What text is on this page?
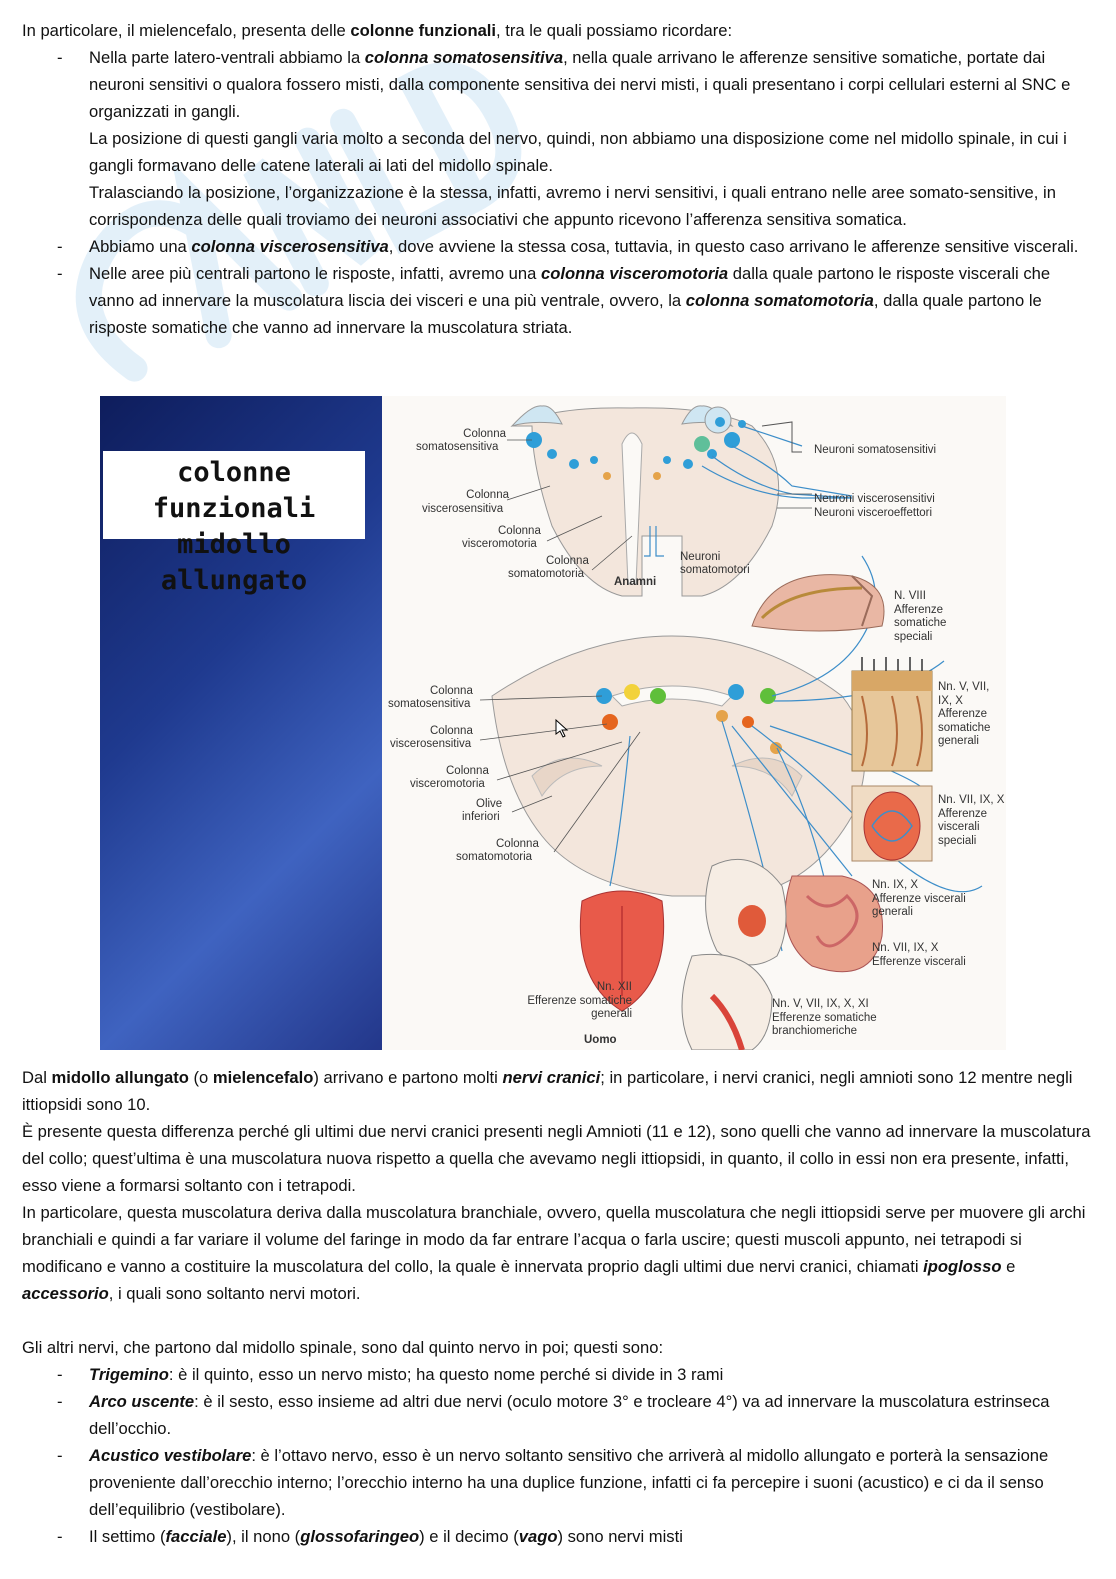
In particolare, il mielencefalo, presenta delle colonne funzionali, tra le quali possiamo ricordare:

- Nella parte latero-ventrali abbiamo la colonna somatosensitiva, nella quale arrivano le afferenze sensitive somatiche, portate dai neuroni sensitivi o qualora fossero misti, dalla componente sensitiva dei nervi misti, i quali presentano i corpi cellulari esterni al SNC e organizzati in gangli.

La posizione di questi gangli varia molto a seconda del nervo, quindi, non abbiamo una disposizione come nel midollo spinale, in cui i gangli formavano delle catene laterali ai lati del midollo spinale.

Tralasciando la posizione, l’organizzazione è la stessa, infatti, avremo i nervi sensitivi, i quali entrano nelle aree somato-sensitive, in corrispondenza delle quali troviamo dei neuroni associativi che appunto ricevono l’afferenza sensitiva somatica.

- Abbiamo una colonna viscerosensitiva, dove avviene la stessa cosa, tuttavia, in questo caso arrivano le afferenze sensitive viscerali.

- Nelle aree più centrali partono le risposte, infatti, avremo una colonna visceromotoria dalla quale partono le risposte viscerali che vanno ad innervare la muscolatura liscia dei visceri e una più ventrale, ovvero, la colonna somatomotoria, dalla quale partono le risposte somatiche che vanno ad innervare la muscolatura striata.

colonne funzionali
midollo allungato
Colonna
somatosensitiva
Colonna
viscerosensitiva
Colonna
visceromotoria
Colonna
somatomotoria
Anamni
Neuroni somatosensitivi
Neuroni viscerosensitivi
Neuroni visceroeffettori
Neuroni
somatomotori
Colonna
somatosensitiva
Colonna
viscerosensitiva
Colonna
visceromotoria
Olive
inferiori
Colonna
somatomotoria
Uomo
N. VIII
Afferenze
somatiche
speciali
Nn. V, VII,
IX, X
Afferenze
somatiche
generali
Nn. VII, IX, X
Afferenze
viscerali
speciali
Nn. IX, X
Afferenze viscerali
generali
Nn. VII, IX, X
Efferenze viscerali
Nn. XII
Efferenze somatiche
generali
Nn. V, VII, IX, X, XI
Efferenze somatiche
branchiomeriche

Dal midollo allungato (o mielencefalo) arrivano e partono molti nervi cranici; in particolare, i nervi cranici, negli amnioti sono 12 mentre negli ittiopsidi sono 10.

È presente questa differenza perché gli ultimi due nervi cranici presenti negli Amnioti (11 e 12), sono quelli che vanno ad innervare la muscolatura del collo; quest’ultima è una muscolatura nuova rispetto a quella che avevamo negli ittiopsidi, in quanto, il collo in essi non era presente, infatti, esso viene a formarsi soltanto con i tetrapodi.

In particolare, questa muscolatura deriva dalla muscolatura branchiale, ovvero, quella muscolatura che negli ittiopsidi serve per muovere gli archi branchiali e quindi a far variare il volume del faringe in modo da far entrare l’acqua o farla uscire; questi muscoli appunto, nei tetrapodi si modificano e vanno a costituire la muscolatura del collo, la quale è innervata proprio dagli ultimi due nervi cranici, chiamati ipoglosso e accessorio, i quali sono soltanto nervi motori.

Gli altri nervi, che partono dal midollo spinale, sono dal quinto nervo in poi; questi sono:

- Trigemino: è il quinto, esso un nervo misto; ha questo nome perché si divide in 3 rami

- Arco uscente: è il sesto, esso insieme ad altri due nervi (oculo motore 3° e trocleare 4°) va ad innervare la muscolatura estrinseca dell’occhio.

- Acustico vestibolare: è l’ottavo nervo, esso è un nervo soltanto sensitivo che arriverà al midollo allungato e porterà la sensazione proveniente dall’orecchio interno; l’orecchio interno ha una duplice funzione, infatti ci fa percepire i suoni (acustico) e ci da il senso dell’equilibrio (vestibolare).

- Il settimo (facciale), il nono (glossofaringeo) e il decimo (vago) sono nervi misti
